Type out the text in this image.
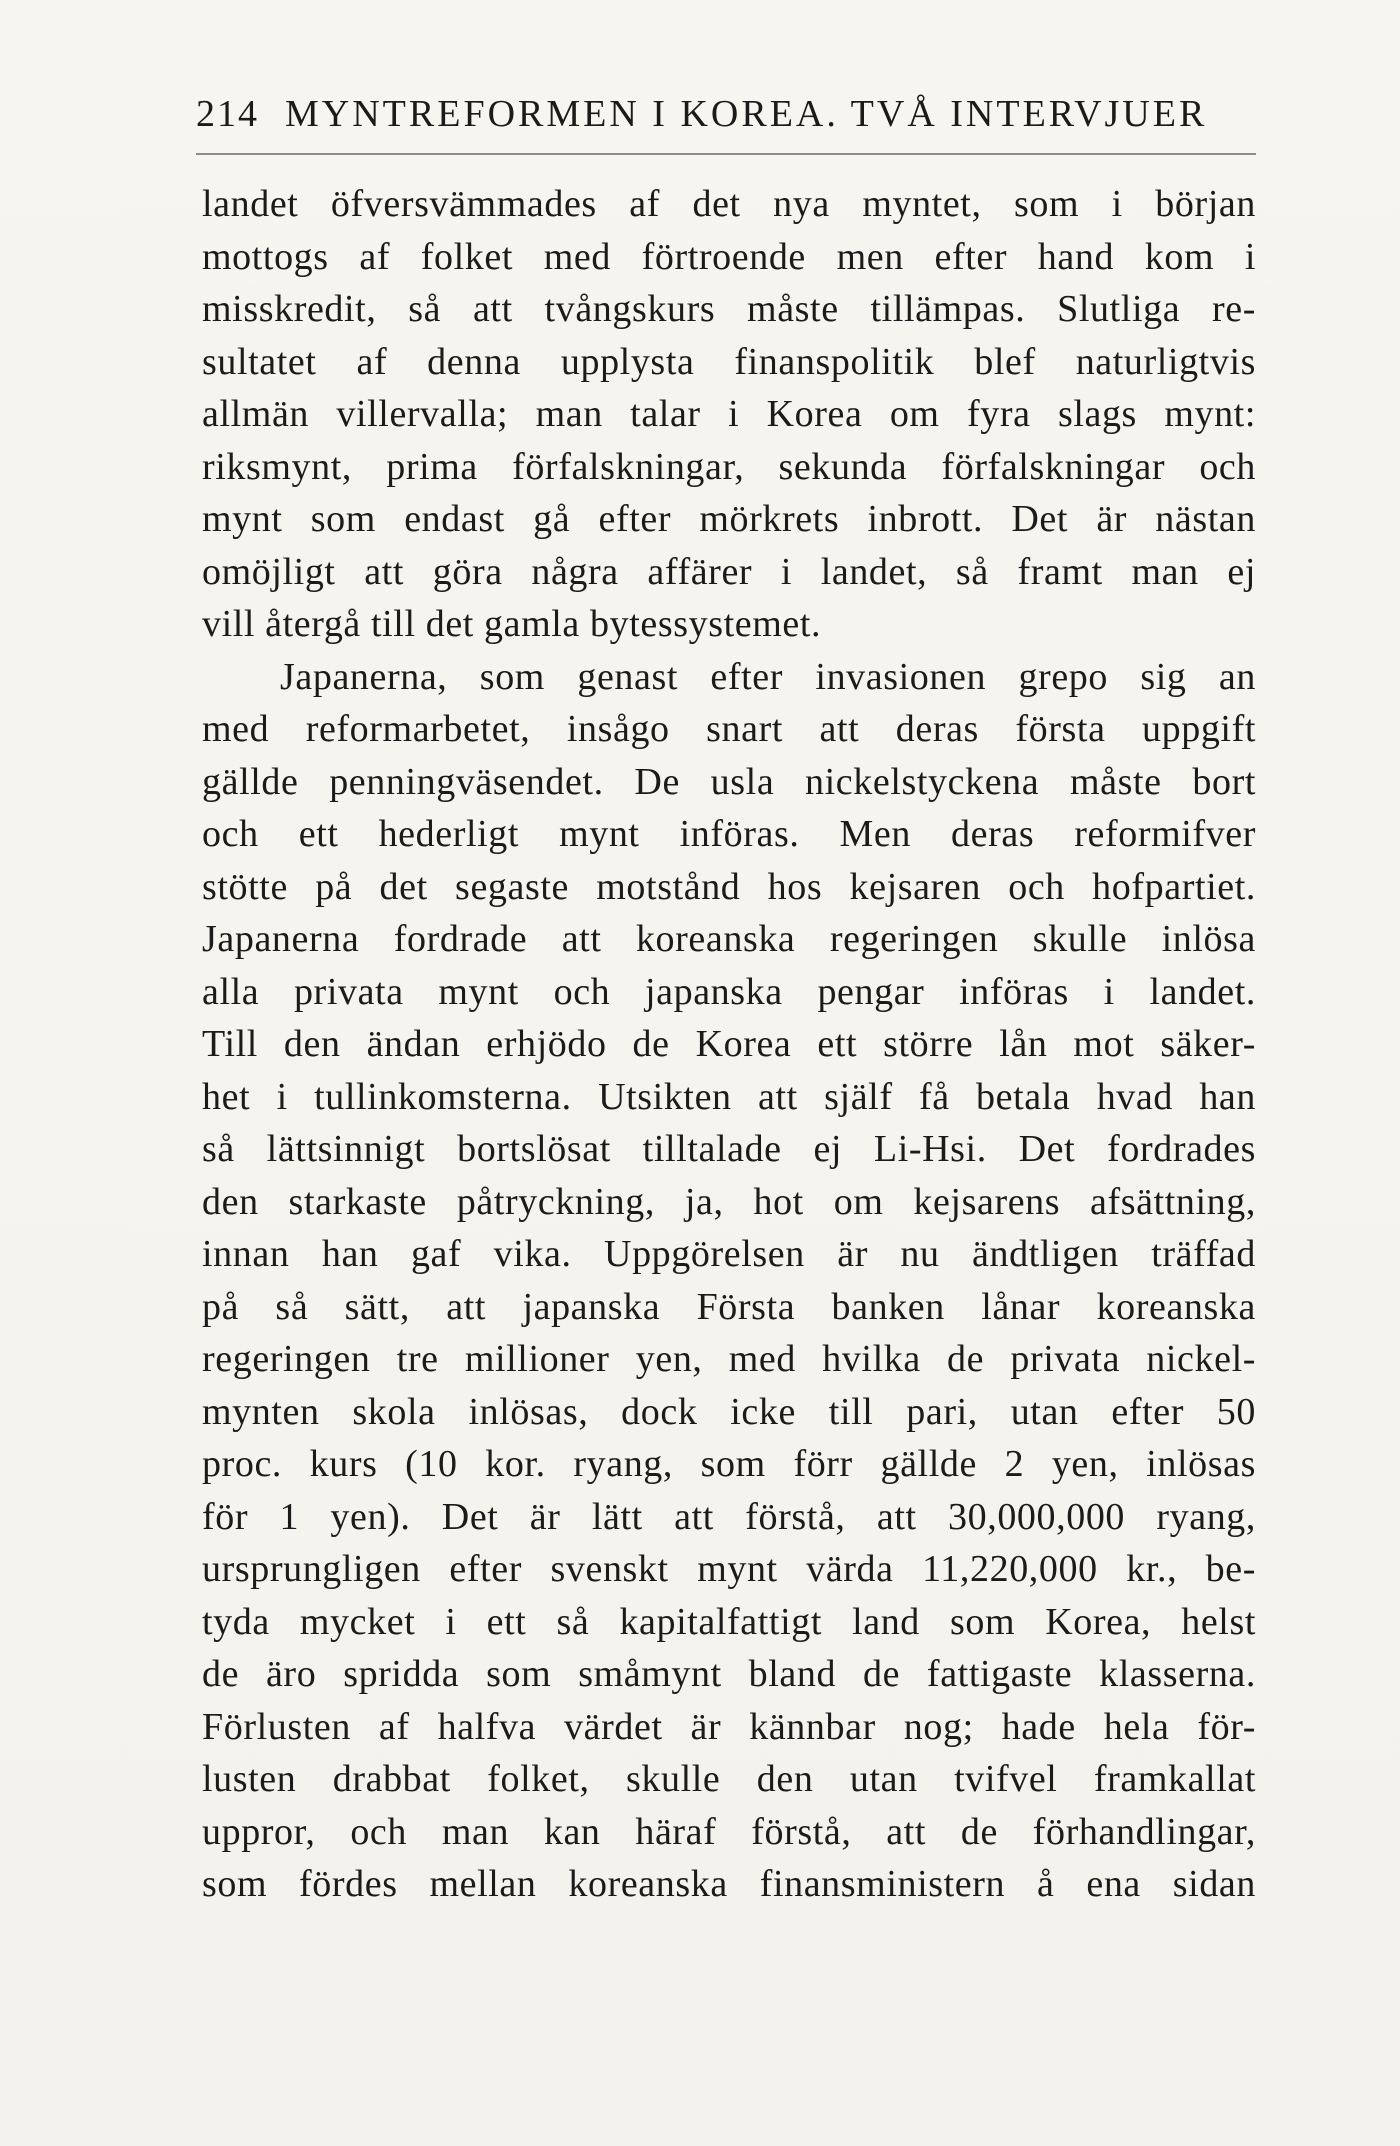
214 MYNTREFORMEN I KOREA. TVÅ INTERVJUER
landet öfversvämmades af det nya myntet, som i början
mottogs af folket med förtroende men efter hand kom i
misskredit, så att tvångskurs måste tillämpas. Slutliga re-
sultatet af denna upplysta finanspolitik blef naturligtvis
allmän villervalla; man talar i Korea om fyra slags mynt:
riksmynt, prima förfalskningar, sekunda förfalskningar och
mynt som endast gå efter mörkrets inbrott. Det är nästan
omöjligt att göra några affärer i landet, så framt man ej
vill återgå till det gamla bytessystemet.
Japanerna, som genast efter invasionen grepo sig an
med reformarbetet, insågo snart att deras första uppgift
gällde penningväsendet. De usla nickelstyckena måste bort
och ett hederligt mynt införas. Men deras reformifver
stötte på det segaste motstånd hos kejsaren och hofpartiet.
Japanerna fordrade att koreanska regeringen skulle inlösa
alla privata mynt och japanska pengar införas i landet.
Till den ändan erhjödo de Korea ett större lån mot säker-
het i tullinkomsterna. Utsikten att själf få betala hvad han
så lättsinnigt bortslösat tilltalade ej Li-Hsi. Det fordrades
den starkaste påtryckning, ja, hot om kejsarens afsättning,
innan han gaf vika. Uppgörelsen är nu ändtligen träffad
på så sätt, att japanska Första banken lånar koreanska
regeringen tre millioner yen, med hvilka de privata nickel-
mynten skola inlösas, dock icke till pari, utan efter 50
proc. kurs (10 kor. ryang, som förr gällde 2 yen, inlösas
för 1 yen). Det är lätt att förstå, att 30,000,000 ryang,
ursprungligen efter svenskt mynt värda 11,220,000 kr., be-
tyda mycket i ett så kapitalfattigt land som Korea, helst
de äro spridda som småmynt bland de fattigaste klasserna.
Förlusten af halfva värdet är kännbar nog; hade hela för-
lusten drabbat folket, skulle den utan tvifvel framkallat
uppror, och man kan häraf förstå, att de förhandlingar,
som fördes mellan koreanska finansministern å ena sidan
